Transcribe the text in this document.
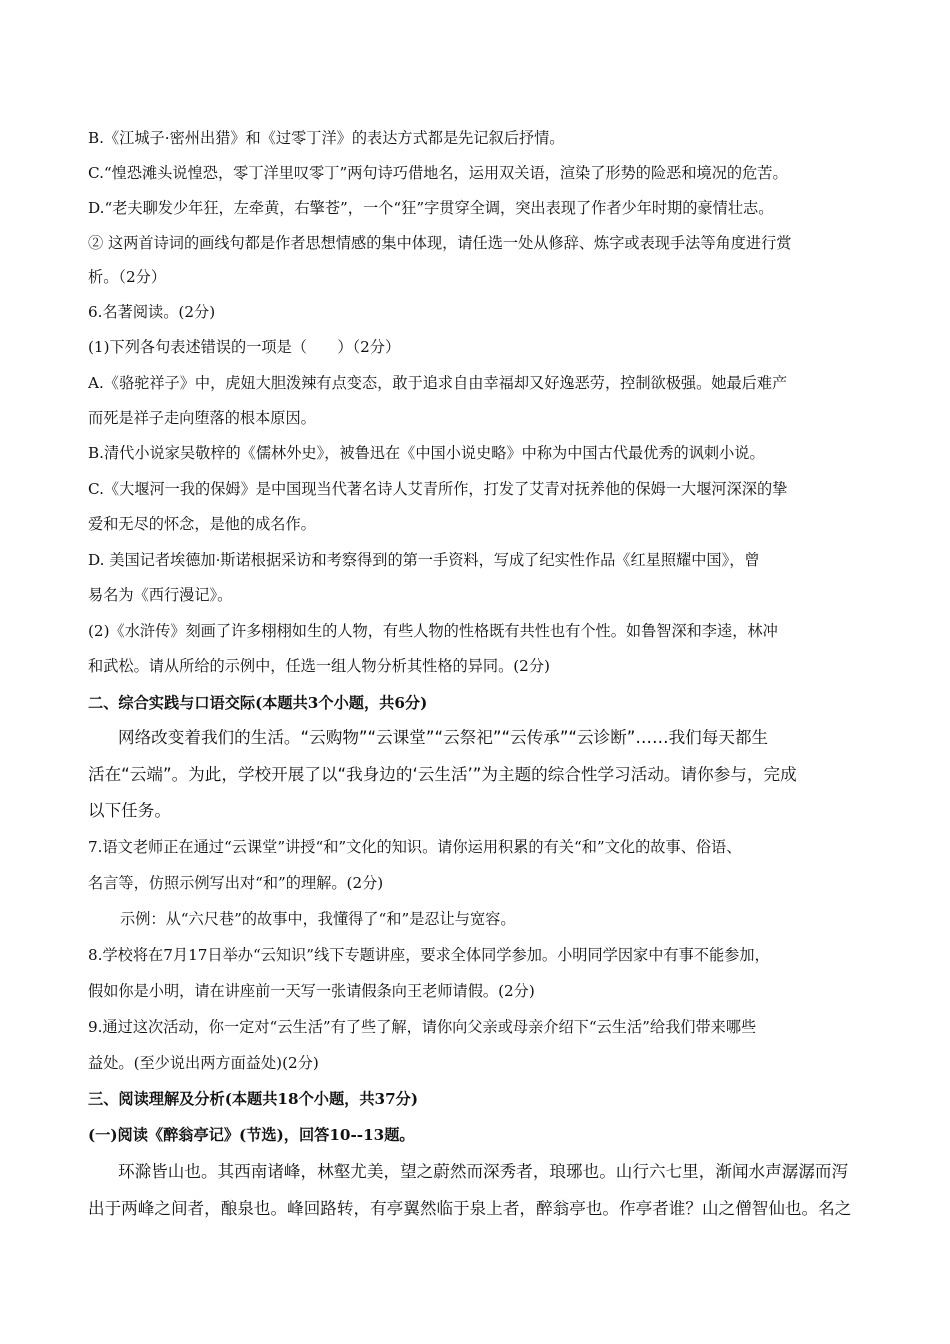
B.《江城子·密州出猎》和《过零丁洋》的表达方式都是先记叙后抒情。
C.“惶恐滩头说惶恐，零丁洋里叹零丁”两句诗巧借地名，运用双关语，渲染了形势的险恶和境况的危苦。
D.“老夫聊发少年狂，左牵黄，右擎苍”，一个“狂”字贯穿全调，突出表现了作者少年时期的豪情壮志。
② 这两首诗词的画线句都是作者思想情感的集中体现，请任选一处从修辞、炼字或表现手法等角度进行赏
析。（2分）
6.名著阅读。(2分)
(1)下列各句表述错误的一项是（　　）（2分）
A.《骆驼祥子》中，虎妞大胆泼辣有点变态，敢于追求自由幸福却又好逸恶劳，控制欲极强。她最后难产
而死是祥子走向堕落的根本原因。
B.清代小说家吴敬梓的《儒林外史》，被鲁迅在《中国小说史略》中称为中国古代最优秀的讽刺小说。
C.《大堰河一我的保姆》是中国现当代著名诗人艾青所作，打发了艾青对抚养他的保姆一大堰河深深的挚
爱和无尽的怀念，是他的成名作。
D. 美国记者埃德加·斯诺根据采访和考察得到的第一手资料，写成了纪实性作品《红星照耀中国》，曾
易名为《西行漫记》。
(2)《水浒传》刻画了许多栩栩如生的人物，有些人物的性格既有共性也有个性。如鲁智深和李逵，林冲
和武松。请从所给的示例中，任选一组人物分析其性格的异同。(2分)
二、综合实践与口语交际(本题共3个小题，共6分)
网络改变着我们的生活。“云购物”“云课堂”“云祭祀”“云传承”“云诊断”……我们每天都生
活在“云端”。为此，学校开展了以“我身边的‘云生活’”为主题的综合性学习活动。请你参与，完成
以下任务。
7.语文老师正在通过“云课堂”讲授“和”文化的知识。请你运用积累的有关“和”文化的故事、俗语、
名言等，仿照示例写出对“和”的理解。(2分)
示例：从“六尺巷”的故事中，我懂得了“和”是忍让与宽容。
8.学校将在7月17日举办“云知识”线下专题讲座，要求全体同学参加。小明同学因家中有事不能参加，
假如你是小明，请在讲座前一天写一张请假条向王老师请假。(2分)
9.通过这次活动，你一定对“云生活”有了些了解，请你向父亲或母亲介绍下“云生活”给我们带来哪些
益处。(至少说出两方面益处)(2分)
三、阅读理解及分析(本题共18个小题，共37分)
(一)阅读《醉翁亭记》(节选)，回答10--13题。
环滁皆山也。其西南诸峰，林壑尤美，望之蔚然而深秀者，琅琊也。山行六七里，渐闻水声潺潺而泻
出于两峰之间者，酿泉也。峰回路转，有亭翼然临于泉上者，醉翁亭也。作亭者谁？山之僧智仙也。名之
